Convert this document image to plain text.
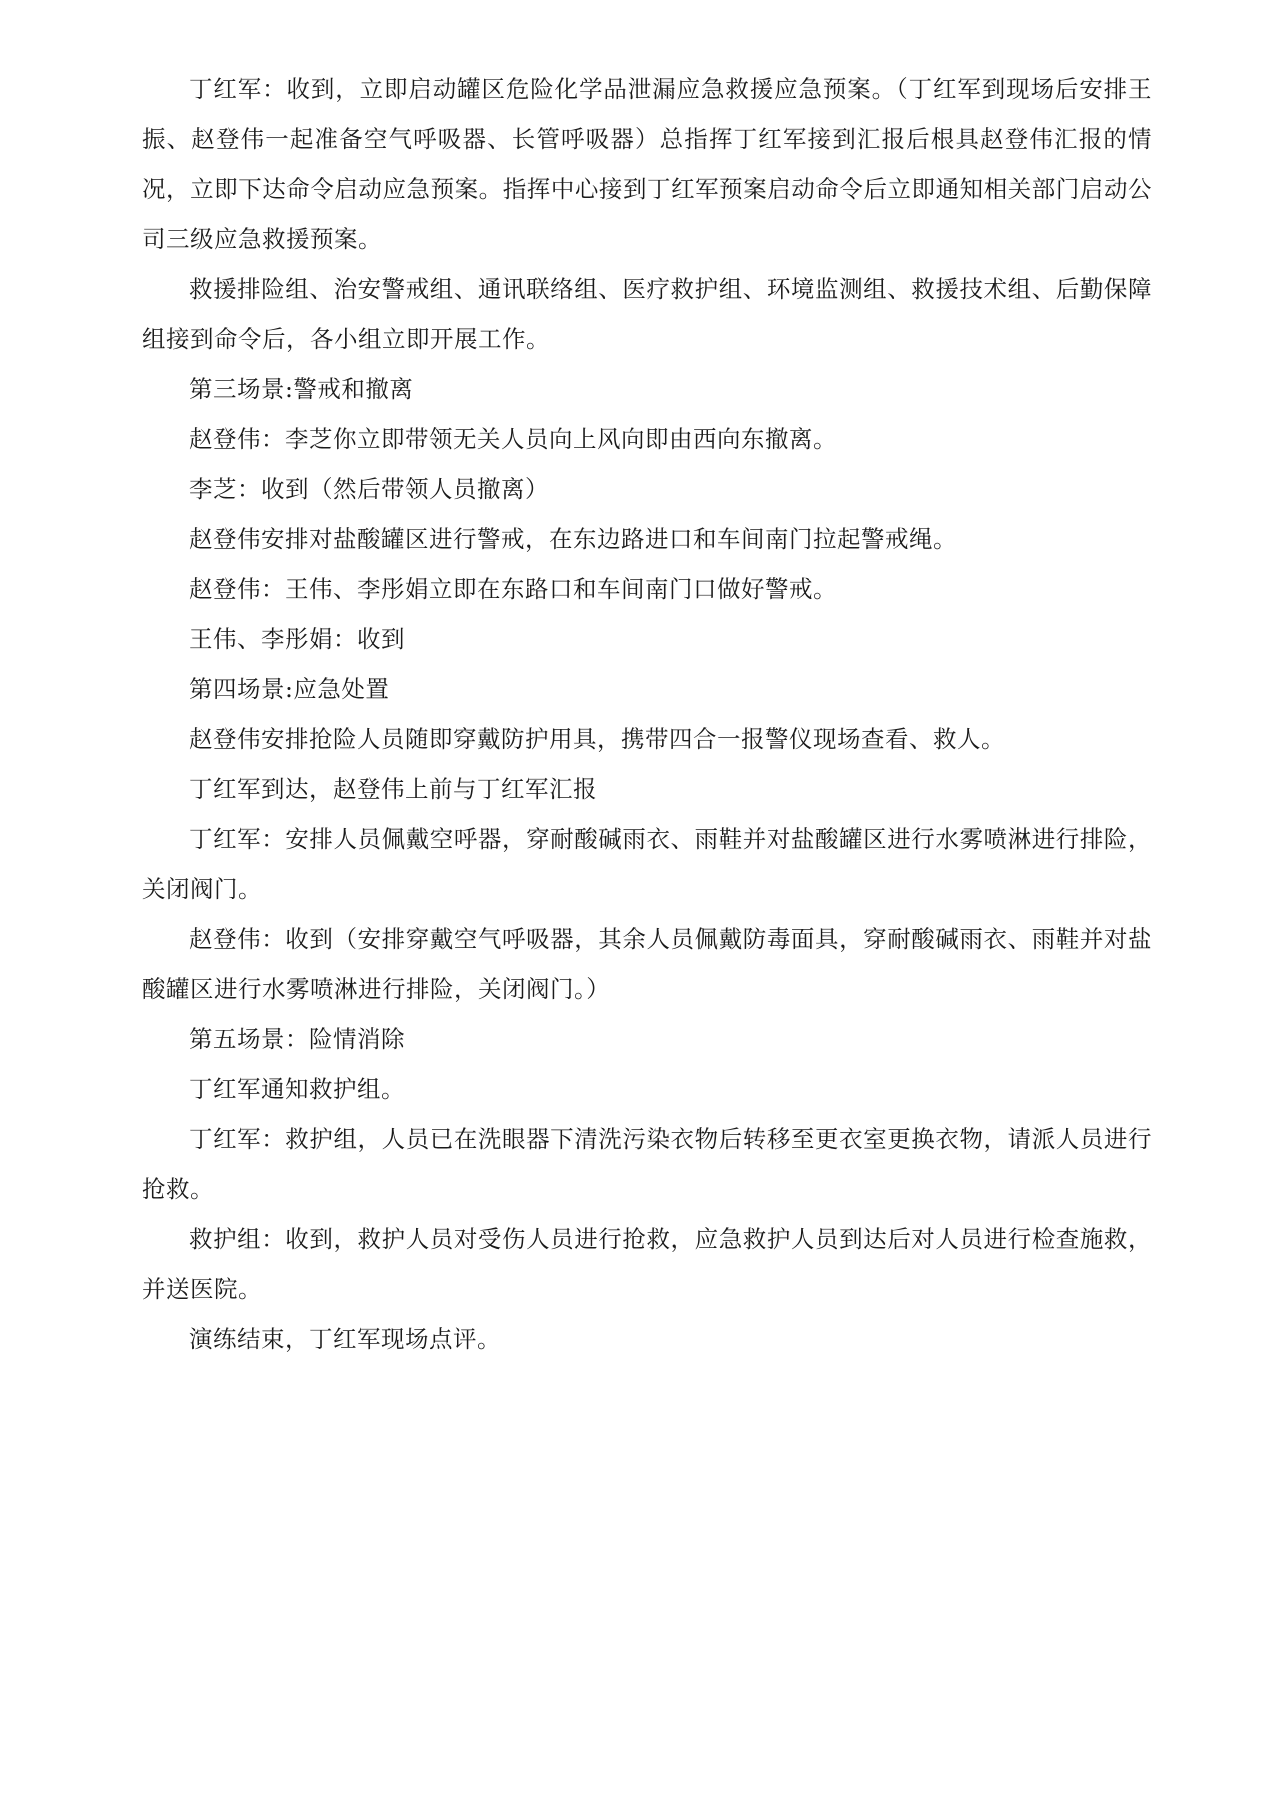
丁红军：收到，立即启动罐区危险化学品泄漏应急救援应急预案。（丁红军到现场后安排王振、赵登伟一起准备空气呼吸器、长管呼吸器）总指挥丁红军接到汇报后根具赵登伟汇报的情况，立即下达命令启动应急预案。指挥中心接到丁红军预案启动命令后立即通知相关部门启动公司三级应急救援预案。

救援排险组、治安警戒组、通讯联络组、医疗救护组、环境监测组、救援技术组、后勤保障组接到命令后，各小组立即开展工作。

第三场景:警戒和撤离

赵登伟：李芝你立即带领无关人员向上风向即由西向东撤离。

李芝：收到（然后带领人员撤离）

赵登伟安排对盐酸罐区进行警戒，在东边路进口和车间南门拉起警戒绳。

赵登伟：王伟、李彤娟立即在东路口和车间南门口做好警戒。

王伟、李彤娟：收到

第四场景:应急处置

赵登伟安排抢险人员随即穿戴防护用具，携带四合一报警仪现场查看、救人。

丁红军到达，赵登伟上前与丁红军汇报

丁红军：安排人员佩戴空呼器，穿耐酸碱雨衣、雨鞋并对盐酸罐区进行水雾喷淋进行排险，关闭阀门。

赵登伟：收到（安排穿戴空气呼吸器，其余人员佩戴防毒面具，穿耐酸碱雨衣、雨鞋并对盐酸罐区进行水雾喷淋进行排险，关闭阀门。）

第五场景：险情消除

丁红军通知救护组。

丁红军：救护组，人员已在洗眼器下清洗污染衣物后转移至更衣室更换衣物，请派人员进行抢救。

救护组：收到，救护人员对受伤人员进行抢救，应急救护人员到达后对人员进行检查施救，并送医院。

演练结束，丁红军现场点评。
